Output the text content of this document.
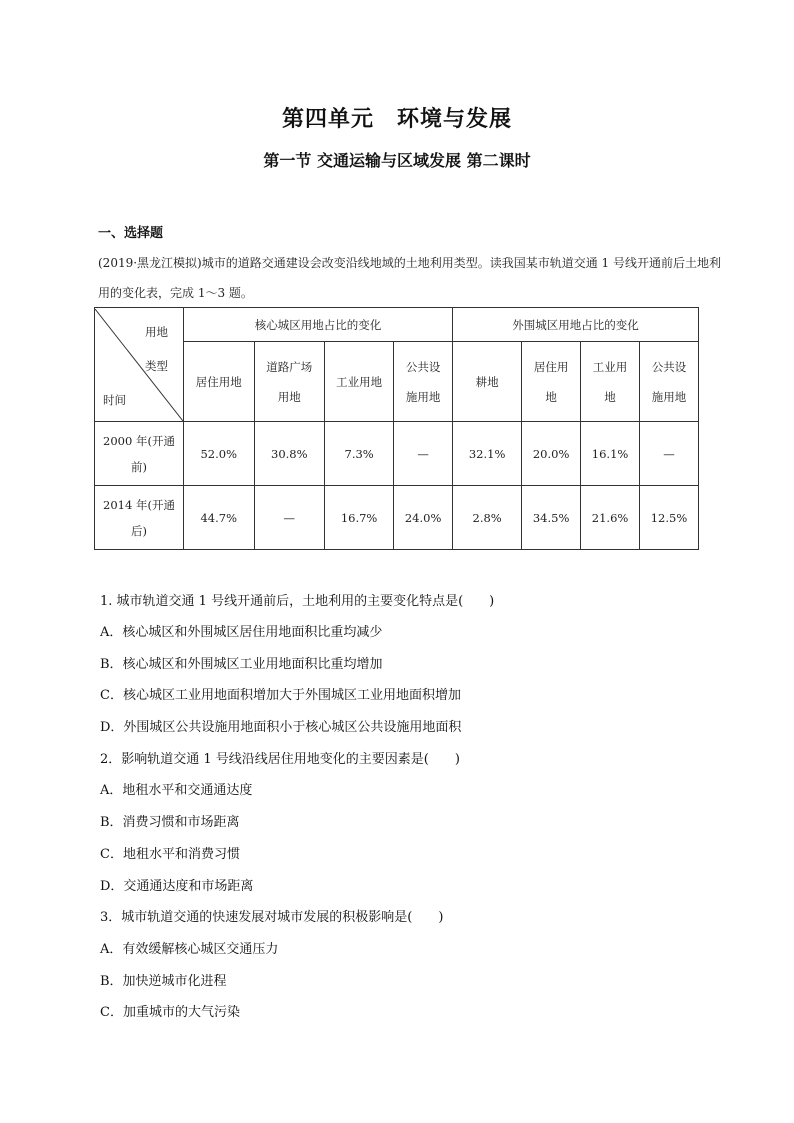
第四单元　环境与发展
第一节 交通运输与区域发展 第二课时
一、选择题
(2019·黑龙江模拟)城市的道路交通建设会改变沿线地域的土地利用类型。读我国某市轨道交通 1 号线开通前后土地利用的变化表，完成 1～3 题。
用地
类型
时间	核心城区用地占比的变化				外围城区用地占比的变化			
	居住用地	道路广场用地	工业用地	公共设施用地	耕地	居住用地	工业用地	公共设施用地
2000 年(开通前)	52.0%	30.8%	7.3%	—	32.1%	20.0%	16.1%	—
2014 年(开通后)	44.7%	—	16.7%	24.0%	2.8%	34.5%	21.6%	12.5%
1. 城市轨道交通 1 号线开通前后，土地利用的主要变化特点是(　　)
A．核心城区和外围城区居住用地面积比重均减少
B．核心城区和外围城区工业用地面积比重均增加
C．核心城区工业用地面积增加大于外围城区工业用地面积增加
D．外围城区公共设施用地面积小于核心城区公共设施用地面积
2．影响轨道交通 1 号线沿线居住用地变化的主要因素是(　　)
A．地租水平和交通通达度
B．消费习惯和市场距离
C．地租水平和消费习惯
D．交通通达度和市场距离
3．城市轨道交通的快速发展对城市发展的积极影响是(　　)
A．有效缓解核心城区交通压力
B．加快逆城市化进程
C．加重城市的大气污染
